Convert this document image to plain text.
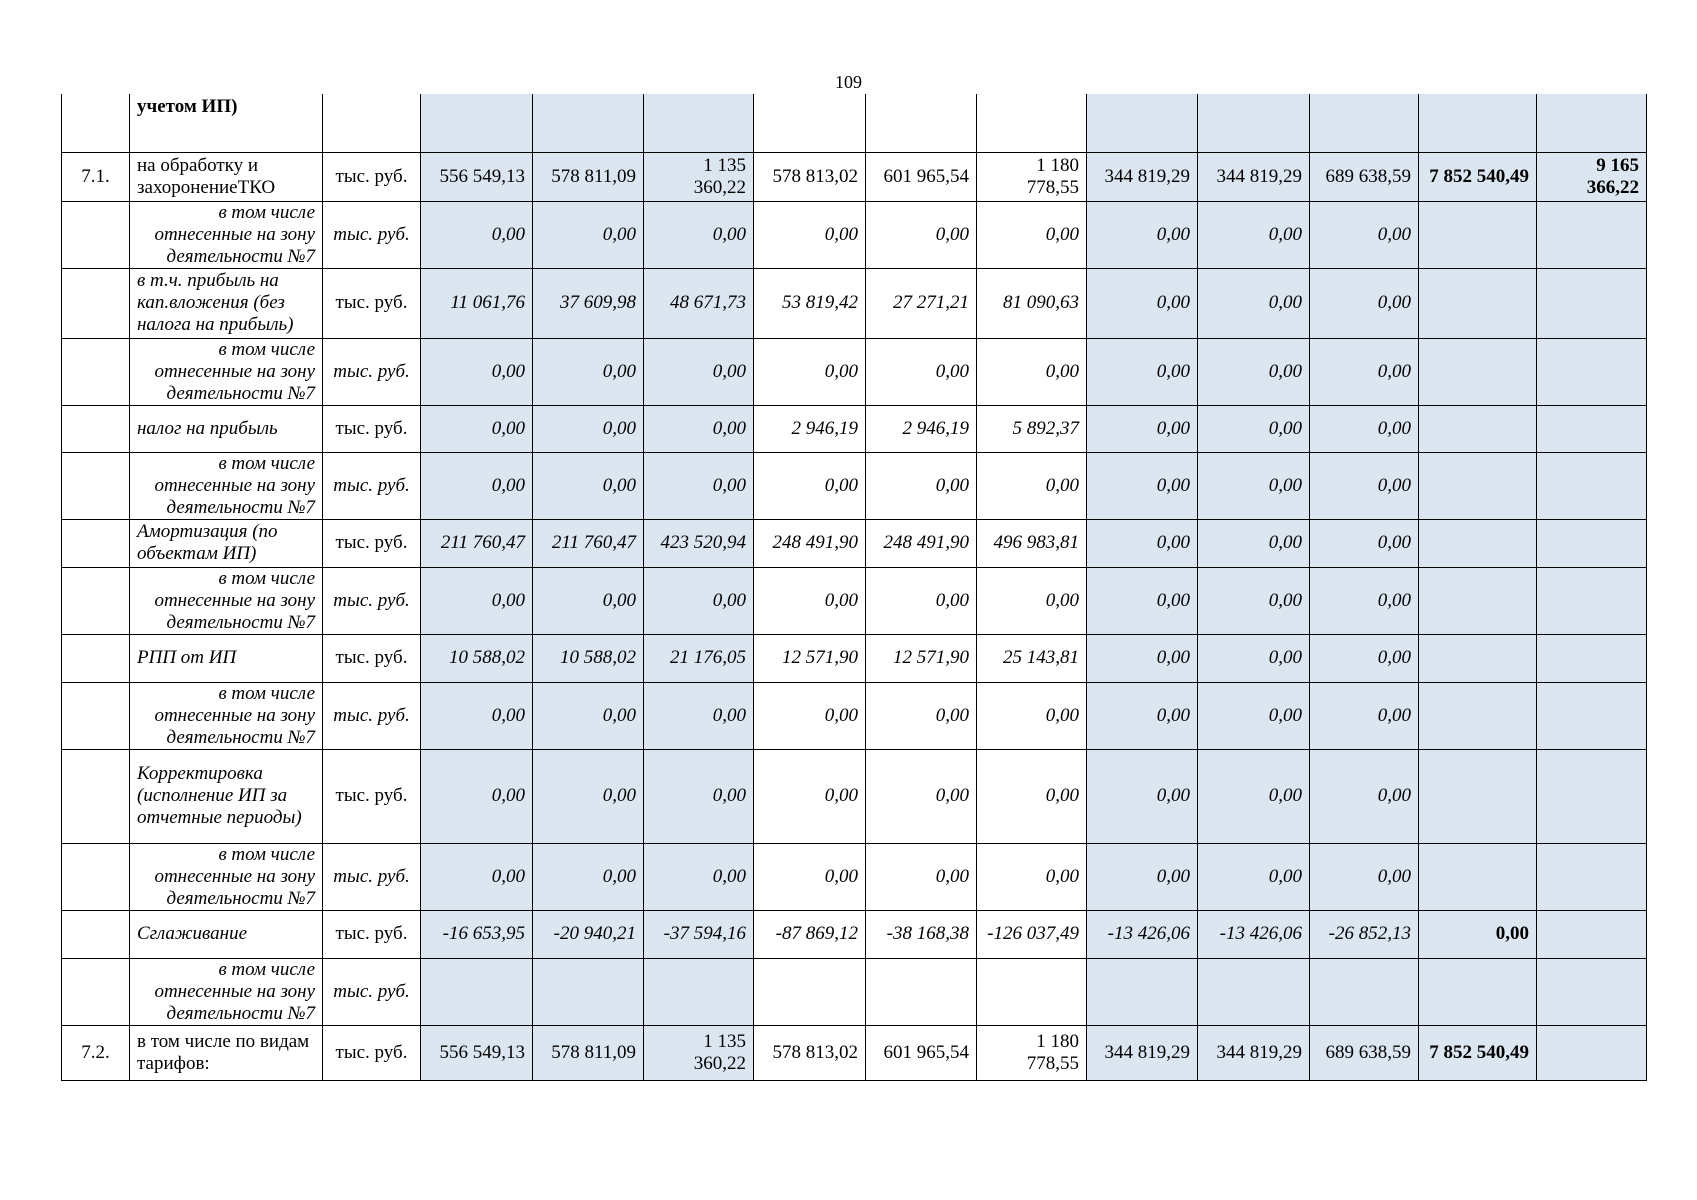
109
	учетом ИП)												
7.1.	на обработку и захоронениеТКО	тыс. руб.	556 549,13	578 811,09	1 135 360,22	578 813,02	601 965,54	1 180 778,55	344 819,29	344 819,29	689 638,59	7 852 540,49	9 165 366,22
	в том числе отнесенные на зону деятельности №7	тыс. руб.	0,00	0,00	0,00	0,00	0,00	0,00	0,00	0,00	0,00		
	в т.ч. прибыль на кап.вложения (без налога на прибыль)	тыс. руб.	11 061,76	37 609,98	48 671,73	53 819,42	27 271,21	81 090,63	0,00	0,00	0,00		
	в том числе отнесенные на зону деятельности №7	тыс. руб.	0,00	0,00	0,00	0,00	0,00	0,00	0,00	0,00	0,00		
	налог на прибыль	тыс. руб.	0,00	0,00	0,00	2 946,19	2 946,19	5 892,37	0,00	0,00	0,00		
	в том числе отнесенные на зону деятельности №7	тыс. руб.	0,00	0,00	0,00	0,00	0,00	0,00	0,00	0,00	0,00		
	Амортизация (по объектам ИП)	тыс. руб.	211 760,47	211 760,47	423 520,94	248 491,90	248 491,90	496 983,81	0,00	0,00	0,00		
	в том числе отнесенные на зону деятельности №7	тыс. руб.	0,00	0,00	0,00	0,00	0,00	0,00	0,00	0,00	0,00		
	РПП от ИП	тыс. руб.	10 588,02	10 588,02	21 176,05	12 571,90	12 571,90	25 143,81	0,00	0,00	0,00		
	в том числе отнесенные на зону деятельности №7	тыс. руб.	0,00	0,00	0,00	0,00	0,00	0,00	0,00	0,00	0,00		
	Корректировка (исполнение ИП за отчетные периоды)	тыс. руб.	0,00	0,00	0,00	0,00	0,00	0,00	0,00	0,00	0,00		
	в том числе отнесенные на зону деятельности №7	тыс. руб.	0,00	0,00	0,00	0,00	0,00	0,00	0,00	0,00	0,00		
	Сглаживание	тыс. руб.	-16 653,95	-20 940,21	-37 594,16	-87 869,12	-38 168,38	-126 037,49	-13 426,06	-13 426,06	-26 852,13	0,00	
	в том числе отнесенные на зону деятельности №7	тыс. руб.											
7.2.	в том числе по видам тарифов:	тыс. руб.	556 549,13	578 811,09	1 135 360,22	578 813,02	601 965,54	1 180 778,55	344 819,29	344 819,29	689 638,59	7 852 540,49	
